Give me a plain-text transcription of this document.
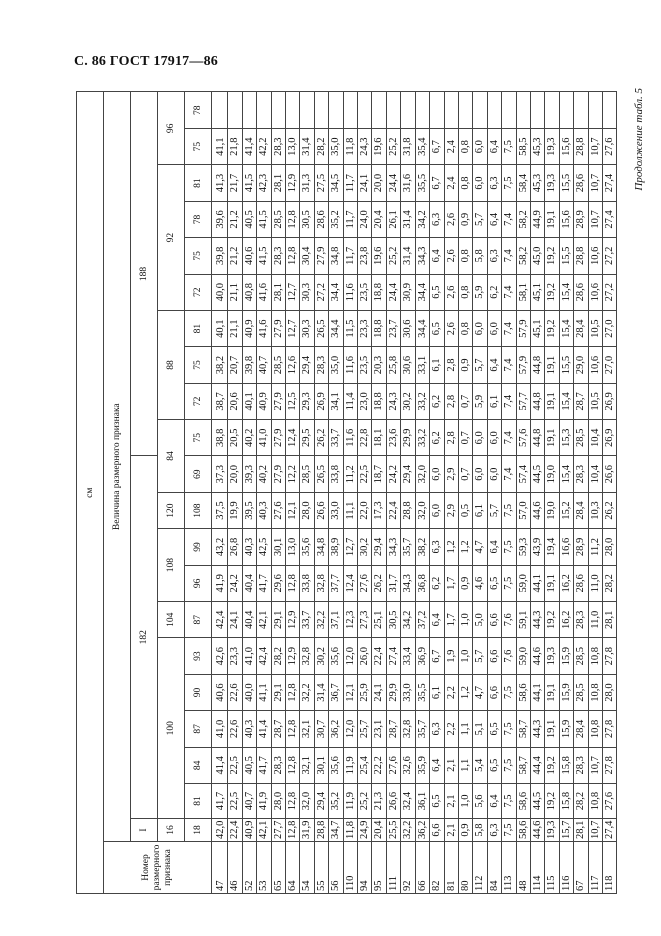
С. 86 ГОСТ 17917—86
Продолжение табл. 5
см																					
Номер размерного признака	Величина размерного признака																				
	I	182										188									
	16	100					104	108		120	84		88			92				96	
	18	81	84	87	90	93	87	96	99	108	69	75	72	75	81	72	75	78	81	75	78
47	42,0	41,7	41,4	41,0	40,6	42,6	42,4	41,9	43,2	37,5	37,3	38,8	38,7	38,2	40,1	40,0	39,8	39,6	41,3	41,1	
46	22,4	22,5	22,5	22,6	22,6	23,3	24,1	24,2	26,8	19,9	20,0	20,5	20,6	20,7	21,1	21,1	21,2	21,2	21,7	21,8	
52	40,9	40,7	40,5	40,3	40,0	41,0	40,4	40,4	40,3	39,5	39,3	40,2	40,1	39,8	40,9	40,8	40,6	40,5	41,5	41,4	
53	42,1	41,9	41,7	41,4	41,1	42,4	42,1	41,7	42,5	40,3	40,2	41,0	40,9	40,7	41,6	41,6	41,5	41,5	42,3	42,2	
65	27,7	28,0	28,3	28,7	29,1	28,2	29,1	29,6	30,1	27,6	27,9	27,9	27,9	28,5	27,9	28,1	28,3	28,5	28,1	28,3	
64	12,8	12,8	12,8	12,8	12,8	12,9	12,9	12,8	13,0	12,1	12,2	12,4	12,5	12,6	12,7	12,7	12,8	12,8	12,9	13,0	
54	31,9	32,0	32,1	32,1	32,2	32,8	33,7	33,8	35,6	28,0	28,5	29,5	29,3	29,4	30,3	30,3	30,4	30,5	31,3	31,4	
55	28,8	29,4	30,1	30,7	31,4	30,2	32,2	32,8	34,8	26,6	26,5	26,2	26,9	28,3	26,5	27,2	27,9	28,6	27,5	28,2	
56	34,7	35,2	35,6	36,2	36,7	35,6	37,1	37,7	38,9	33,0	33,8	33,7	34,1	35,0	34,4	34,4	34,8	35,2	34,5	35,0	
110	11,8	11,9	11,9	12,0	12,1	12,0	12,3	12,4	12,7	11,1	11,2	11,6	11,4	11,6	11,5	11,6	11,7	11,7	11,7	11,8	
94	24,9	25,2	25,4	25,7	25,9	26,0	27,3	27,6	30,2	22,0	22,5	22,8	23,0	23,5	23,3	23,5	23,8	24,0	24,1	24,3	
95	20,4	21,3	22,2	23,1	24,1	22,4	25,1	26,2	29,4	17,3	18,7	18,1	18,8	20,3	18,8	18,8	19,6	20,4	20,0	19,6	
111	25,5	26,6	27,6	28,7	29,9	27,4	30,5	31,7	34,3	22,4	24,2	23,6	24,3	25,8	23,7	24,4	25,2	26,1	24,4	25,2	
92	32,2	32,4	32,6	32,8	33,0	33,4	34,2	34,3	35,7	28,8	29,4	29,9	30,2	30,6	30,6	30,9	31,4	31,4	31,6	31,8	
66	36,2	36,1	35,9	35,7	35,5	36,9	37,2	36,8	38,2	32,0	32,0	33,2	33,2	33,1	34,4	34,4	34,3	34,2	35,5	35,4	
82	6,6	6,5	6,4	6,3	6,1	6,7	6,4	6,2	6,3	6,0	6,0	6,2	6,2	6,1	6,5	6,5	6,4	6,3	6,7	6,7	
81	2,1	2,1	2,1	2,2	2,2	1,9	1,7	1,7	1,2	2,9	2,9	2,8	2,8	2,8	2,6	2,6	2,6	2,6	2,4	2,4	
80	0,9	1,0	1,1	1,1	1,2	1,0	1,0	0,9	1,2	0,5	0,7	0,7	0,7	0,9	0,8	0,8	0,8	0,9	0,8	0,8	
112	5,8	5,6	5,4	5,1	4,7	5,7	5,0	4,6	4,7	6,1	6,0	6,0	5,9	5,7	6,0	5,9	5,8	5,7	6,0	6,0	
84	6,3	6,4	6,5	6,5	6,6	6,6	6,6	6,5	6,4	5,7	6,0	6,0	6,1	6,4	6,0	6,2	6,3	6,4	6,3	6,4	
113	7,5	7,5	7,5	7,5	7,5	7,6	7,6	7,5	7,5	7,5	7,4	7,4	7,4	7,4	7,4	7,4	7,4	7,4	7,5	7,5	
48	58,6	58,6	58,7	58,7	58,6	59,0	59,1	59,0	59,3	57,0	57,4	57,6	57,7	57,9	57,9	58,1	58,2	58,2	58,4	58,5	
114	44,6	44,5	44,4	44,3	44,1	44,6	44,3	44,1	43,9	44,6	44,5	44,8	44,8	44,8	45,1	45,1	45,0	44,9	45,3	45,3	
115	19,3	19,2	19,2	19,1	19,1	19,3	19,2	19,1	19,4	19,0	19,0	19,1	19,1	19,1	19,2	19,2	19,2	19,1	19,3	19,3	
116	15,7	15,8	15,8	15,9	15,9	15,9	16,2	16,2	16,6	15,2	15,4	15,3	15,4	15,5	15,4	15,4	15,5	15,6	15,5	15,6	
67	28,1	28,2	28,3	28,4	28,5	28,5	28,3	28,6	28,9	28,4	28,3	28,5	28,7	29,0	28,4	28,6	28,8	28,9	28,6	28,8	
117	10,7	10,8	10,7	10,8	10,8	10,8	11,0	11,0	11,2	10,3	10,4	10,4	10,5	10,6	10,5	10,6	10,6	10,7	10,7	10,7	
118	27,4	27,6	27,8	27,8	28,0	27,8	28,1	28,2	28,0	26,2	26,6	26,9	26,9	27,0	27,0	27,2	27,2	27,4	27,4	27,6	
